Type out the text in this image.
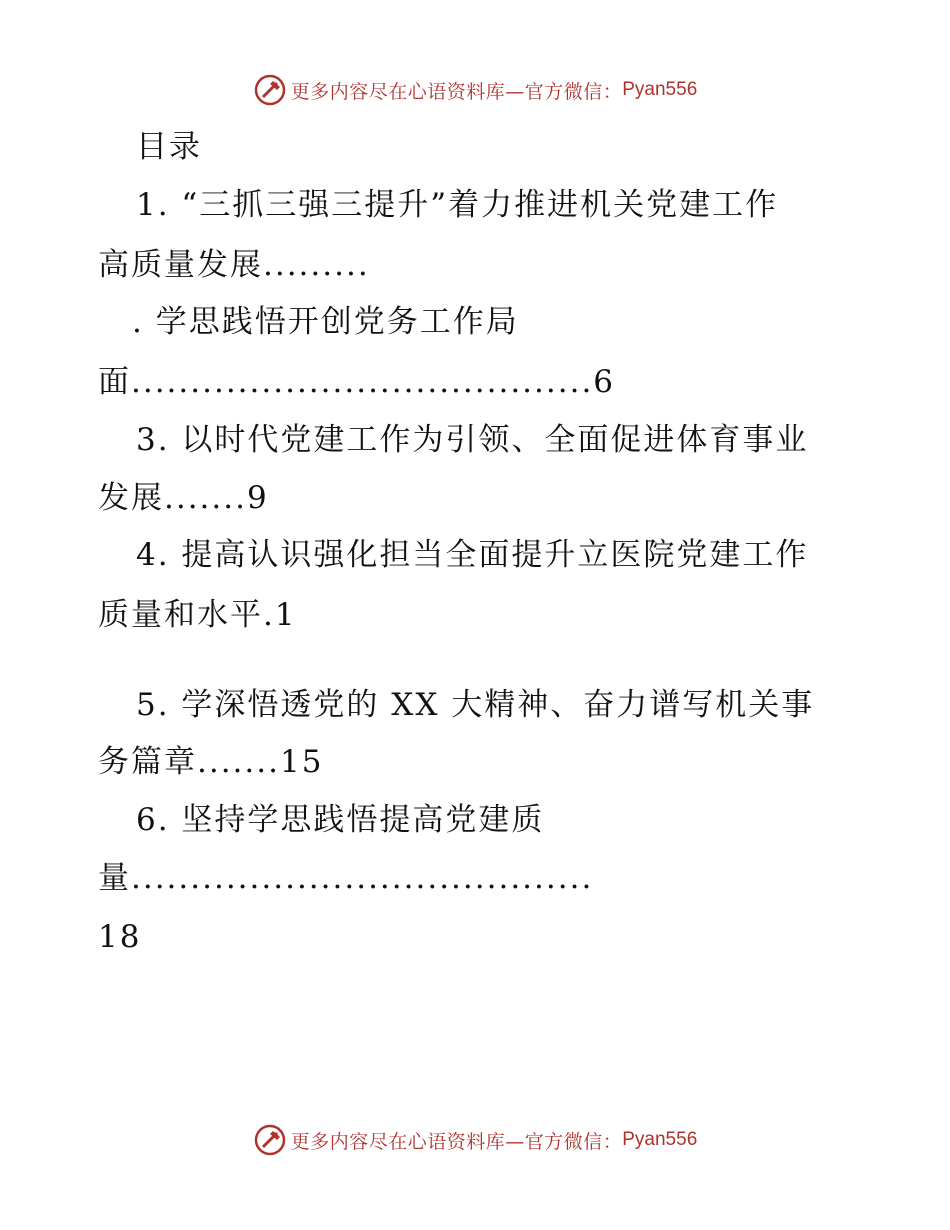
更多内容尽在心语资料库— 官方微信： Pyan556
目录
1. “三抓三强三提升”着力推进机关党建工作
高质量发展.........
. 学思践悟开创党务工作局
面.......................................6
3. 以时代党建工作为引领、全面促进体育事业
发展.......9
4. 提高认识强化担当全面提升立医院党建工作
质量和水平.1
5. 学深悟透党的 XX 大精神、奋力谱写机关事
务篇章.......15
6. 坚持学思践悟提高党建质
量.......................................
18
更多内容尽在心语资料库— 官方微信： Pyan556
